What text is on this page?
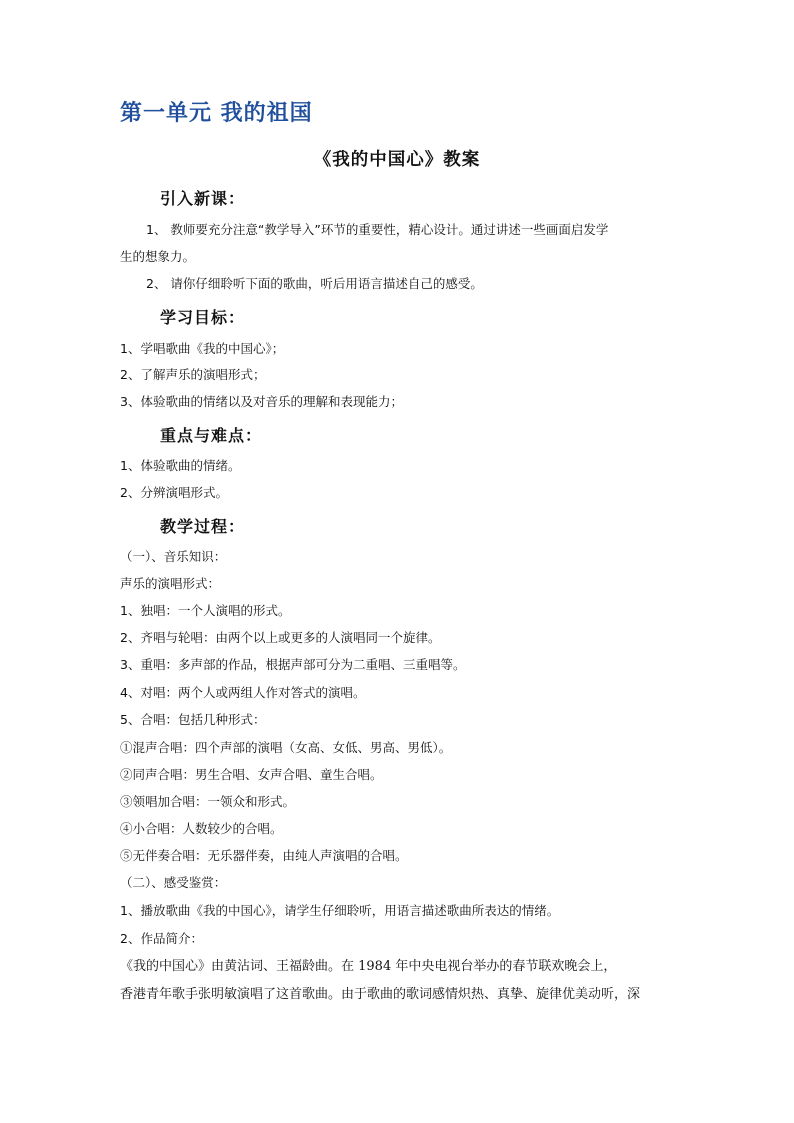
第一单元 我的祖国
《我的中国心》教案
引入新课：
1、 教师要充分注意“教学导入”环节的重要性，精心设计。通过讲述一些画面启发学
生的想象力。
2、 请你仔细聆听下面的歌曲，听后用语言描述自己的感受。
学习目标：
1、学唱歌曲《我的中国心》；
2、了解声乐的演唱形式；
3、体验歌曲的情绪以及对音乐的理解和表现能力；
重点与难点：
1、体验歌曲的情绪。
2、分辨演唱形式。
教学过程：
（一）、音乐知识：
声乐的演唱形式：
1、独唱：一个人演唱的形式。
2、齐唱与轮唱：由两个以上或更多的人演唱同一个旋律。
3、重唱：多声部的作品，根据声部可分为二重唱、三重唱等。
4、对唱：两个人或两组人作对答式的演唱。
5、合唱：包括几种形式：
①混声合唱：四个声部的演唱（女高、女低、男高、男低）。
②同声合唱：男生合唱、女声合唱、童生合唱。
③领唱加合唱：一领众和形式。
④小合唱：人数较少的合唱。
⑤无伴奏合唱：无乐器伴奏，由纯人声演唱的合唱。
（二）、感受鉴赏：
1、播放歌曲《我的中国心》，请学生仔细聆听，用语言描述歌曲所表达的情绪。
2、作品简介：
《我的中国心》由黄沾词、王福龄曲。在 1984 年中央电视台举办的春节联欢晚会上，
香港青年歌手张明敏演唱了这首歌曲。由于歌曲的歌词感情炽热、真挚、旋律优美动听，深
